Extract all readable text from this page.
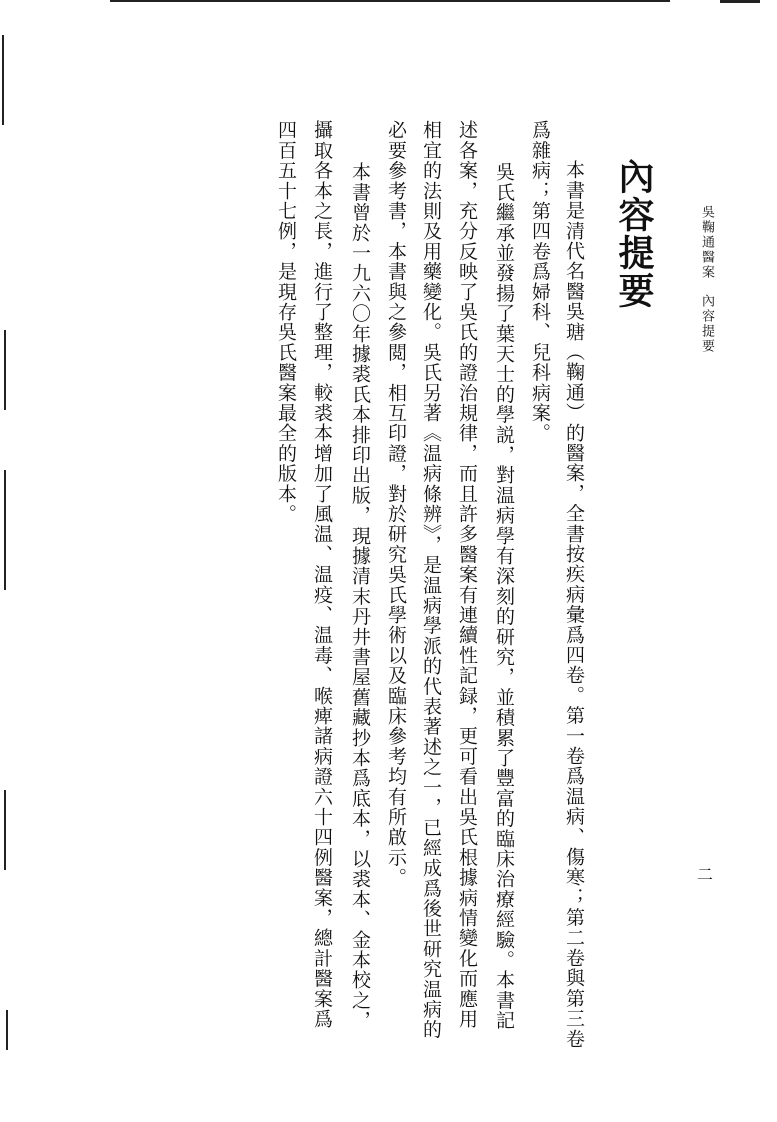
吳鞠通醫案內容提要
二
內容提要
本書是清代名醫吳瑭（鞠通）的醫案，全書按疾病彙爲四卷。第一卷爲温病、傷寒；第二卷與第三卷
爲雜病；第四卷爲婦科、兒科病案。
吳氏繼承並發揚了葉天士的學説，對温病學有深刻的研究，並積累了豐富的臨床治療經驗。本書記
述各案，充分反映了吳氏的證治規律，而且許多醫案有連續性記録，更可看出吳氏根據病情變化而應用
相宜的法則及用藥變化。吳氏另著《温病條辨》，是温病學派的代表著述之一，已經成爲後世研究温病的
必要參考書，本書與之參閲，相互印證，對於研究吳氏學術以及臨床參考均有所啟示。
本書曾於一九六〇年據裘氏本排印出版，現據清末丹井書屋舊藏抄本爲底本，以裘本、金本校之，
攝取各本之長，進行了整理，較裘本增加了風温、温疫、温毒、喉痺諸病證六十四例醫案，總計醫案爲
四百五十七例，是現存吳氏醫案最全的版本。
